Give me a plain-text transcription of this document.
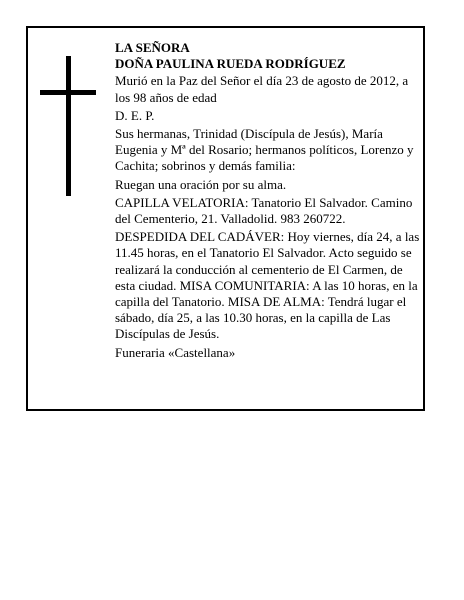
LA SEÑORA

DOÑA PAULINA RUEDA RODRÍGUEZ

Murió en la Paz del Señor el día 23 de agosto de 2012, a los 98 años de edad

D. E. P.

Sus hermanas, Trinidad (Discípula de Jesús), María Eugenia y Mª del Rosario; hermanos políticos, Lorenzo y Cachita; sobrinos y demás familia:

Ruegan una oración por su alma.

CAPILLA VELATORIA: Tanatorio El Salvador. Camino del Cementerio, 21. Valladolid. 983 260722.

DESPEDIDA DEL CADÁVER: Hoy viernes, día 24, a las 11.45 horas, en el Tanatorio El Salvador. Acto seguido se realizará la conducción al cementerio de El Carmen, de esta ciudad. MISA COMUNITARIA: A las 10 horas, en la capilla del Tanatorio. MISA DE ALMA: Tendrá lugar el sábado, día 25, a las 10.30 horas, en la capilla de Las Discípulas de Jesús.

Funeraria «Castellana»
